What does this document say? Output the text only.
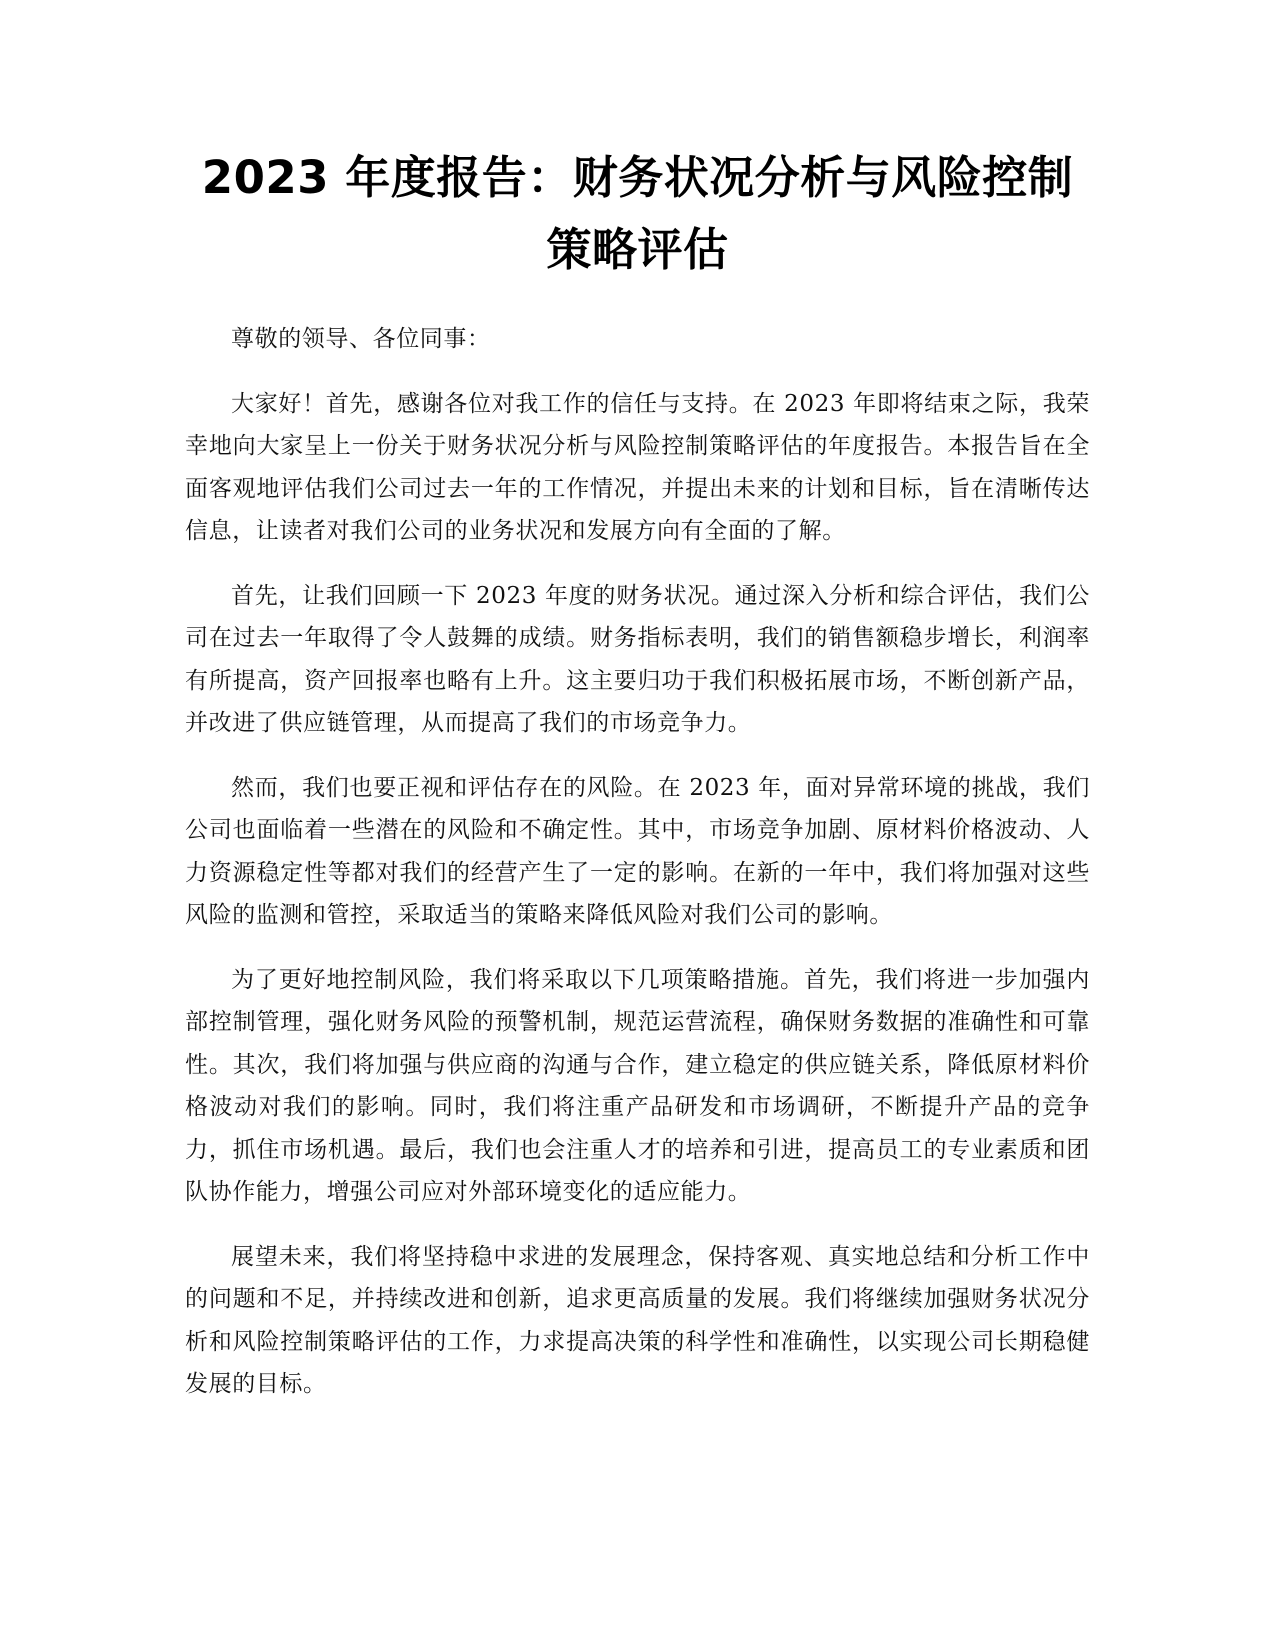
2023 年度报告：财务状况分析与风险控制策略评估

尊敬的领导、各位同事：

大家好！首先，感谢各位对我工作的信任与支持。在 2023 年即将结束之际，我荣幸地向大家呈上一份关于财务状况分析与风险控制策略评估的年度报告。本报告旨在全面客观地评估我们公司过去一年的工作情况，并提出未来的计划和目标，旨在清晰传达信息，让读者对我们公司的业务状况和发展方向有全面的了解。

首先，让我们回顾一下 2023 年度的财务状况。通过深入分析和综合评估，我们公司在过去一年取得了令人鼓舞的成绩。财务指标表明，我们的销售额稳步增长，利润率有所提高，资产回报率也略有上升。这主要归功于我们积极拓展市场，不断创新产品，并改进了供应链管理，从而提高了我们的市场竞争力。

然而，我们也要正视和评估存在的风险。在 2023 年，面对异常环境的挑战，我们公司也面临着一些潜在的风险和不确定性。其中，市场竞争加剧、原材料价格波动、人力资源稳定性等都对我们的经营产生了一定的影响。在新的一年中，我们将加强对这些风险的监测和管控，采取适当的策略来降低风险对我们公司的影响。

为了更好地控制风险，我们将采取以下几项策略措施。首先，我们将进一步加强内部控制管理，强化财务风险的预警机制，规范运营流程，确保财务数据的准确性和可靠性。其次，我们将加强与供应商的沟通与合作，建立稳定的供应链关系，降低原材料价格波动对我们的影响。同时，我们将注重产品研发和市场调研，不断提升产品的竞争力，抓住市场机遇。最后，我们也会注重人才的培养和引进，提高员工的专业素质和团队协作能力，增强公司应对外部环境变化的适应能力。

展望未来，我们将坚持稳中求进的发展理念，保持客观、真实地总结和分析工作中的问题和不足，并持续改进和创新，追求更高质量的发展。我们将继续加强财务状况分析和风险控制策略评估的工作，力求提高决策的科学性和准确性，以实现公司长期稳健发展的目标。
